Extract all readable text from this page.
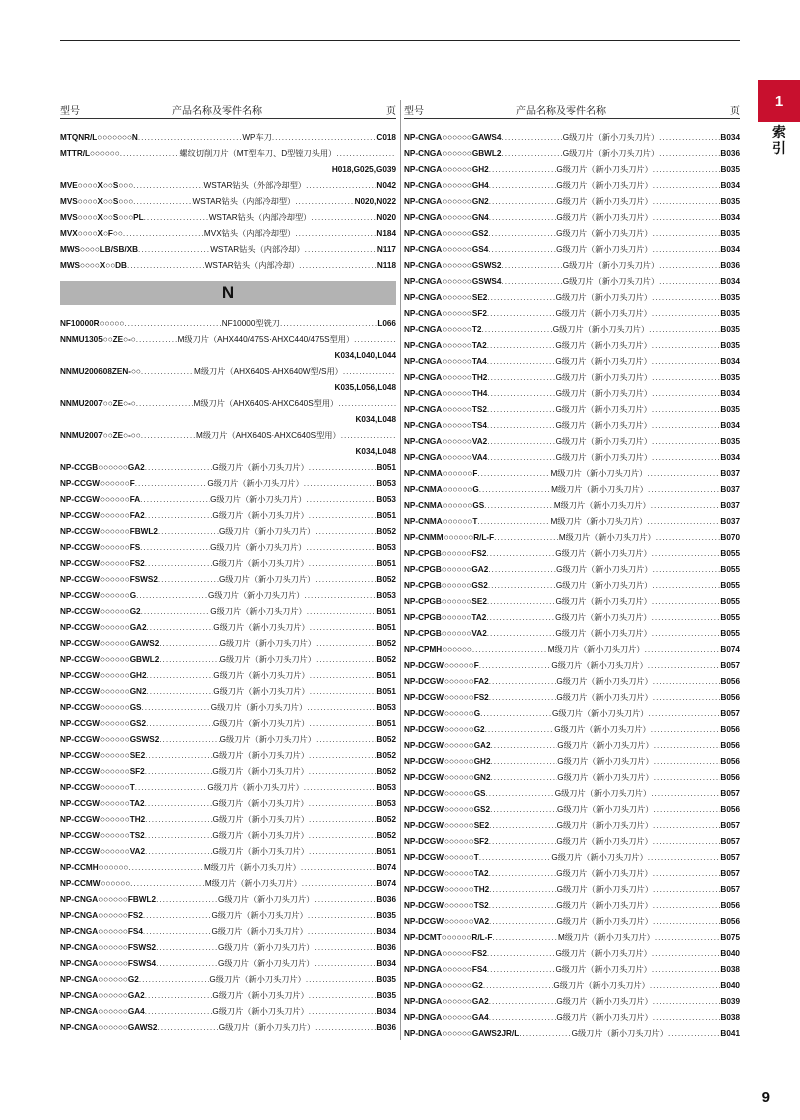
1
索引
型号	产品名称及零件名称	页
MTQNR/L○○○○○○○N .....	WP车刀 .....	C018
MTTR/L○○○○○○ .....	螺纹切削刀片（MT型车刀、D型镗刀头用）
.....
H018,G025,G039
MVE○○○○X○○S○○○ .....	WSTAR钻头（外部冷却型） .....	N042
MVS○○○○X○○S○○○ .....	WSTAR钻头（内部冷却型） .....	N020,N022
MVS○○○○X○○S○○○PL .....	WSTAR钻头（内部冷却型） .....	N020
MVX○○○○X○F○○ .....	MVX钻头（内部冷却型） .....	N184
MWS○○○○LB/SB/XB .....	WSTAR钻头（内部冷却） .....	N117
MWS○○○○X○○DB .....	WSTAR钻头（内部冷却） .....	N118
N
NF10000R○○○○○ .....	NF10000型铣刀 .....	L066
NNMU1305○○ZE○-○ .....	M级刀片（AHX440/475S·AHXC440/475S型用）
.....
K034,L040,L044
NNMU200608ZEN-○○ .....	M级刀片（AHX640S·AHX640W型/S用）
.....
K035,L056,L048
NNMU2007○○ZE○-○ .....	M级刀片（AHX640S·AHXC640S型用）
.....
K034,L048
NNMU2007○○ZE○-○○ .....	M级刀片（AHX640S·AHXC640S型用）
.....
K034,L048
NP-CCGB○○○○○○GA2 .....	G级刀片（新小刀头刀片） .....	B051
NP-CCGW○○○○○○F .....	G级刀片（新小刀头刀片） .....	B053
NP-CCGW○○○○○○FA .....	G级刀片（新小刀头刀片） .....	B053
NP-CCGW○○○○○○FA2 .....	G级刀片（新小刀头刀片） .....	B051
NP-CCGW○○○○○○FBWL2 .....	G级刀片（新小刀头刀片） .....	B052
NP-CCGW○○○○○○FS .....	G级刀片（新小刀头刀片） .....	B053
NP-CCGW○○○○○○FS2 .....	G级刀片（新小刀头刀片） .....	B051
NP-CCGW○○○○○○FSWS2 .....	G级刀片（新小刀头刀片） .....	B052
NP-CCGW○○○○○○G .....	G级刀片（新小刀头刀片） .....	B053
NP-CCGW○○○○○○G2 .....	G级刀片（新小刀头刀片） .....	B051
NP-CCGW○○○○○○GA2 .....	G级刀片（新小刀头刀片） .....	B051
NP-CCGW○○○○○○GAWS2 .....	G级刀片（新小刀头刀片） .....	B052
NP-CCGW○○○○○○GBWL2 .....	G级刀片（新小刀头刀片） .....	B052
NP-CCGW○○○○○○GH2 .....	G级刀片（新小刀头刀片） .....	B051
NP-CCGW○○○○○○GN2 .....	G级刀片（新小刀头刀片） .....	B051
NP-CCGW○○○○○○GS .....	G级刀片（新小刀头刀片） .....	B053
NP-CCGW○○○○○○GS2 .....	G级刀片（新小刀头刀片） .....	B051
NP-CCGW○○○○○○GSWS2 .....	G级刀片（新小刀头刀片） .....	B052
NP-CCGW○○○○○○SE2 .....	G级刀片（新小刀头刀片） .....	B052
NP-CCGW○○○○○○SF2 .....	G级刀片（新小刀头刀片） .....	B052
NP-CCGW○○○○○○T .....	G级刀片（新小刀头刀片） .....	B053
NP-CCGW○○○○○○TA2 .....	G级刀片（新小刀头刀片） .....	B053
NP-CCGW○○○○○○TH2 .....	G级刀片（新小刀头刀片） .....	B052
NP-CCGW○○○○○○TS2 .....	G级刀片（新小刀头刀片） .....	B052
NP-CCGW○○○○○○VA2 .....	G级刀片（新小刀头刀片） .....	B051
NP-CCMH○○○○○○ .....	M级刀片（新小刀头刀片） .....	B074
NP-CCMW○○○○○○ .....	M级刀片（新小刀头刀片） .....	B074
NP-CNGA○○○○○○FBWL2 .....	G级刀片（新小刀头刀片） .....	B036
NP-CNGA○○○○○○FS2 .....	G级刀片（新小刀头刀片） .....	B035
NP-CNGA○○○○○○FS4 .....	G级刀片（新小刀头刀片） .....	B034
NP-CNGA○○○○○○FSWS2 .....	G级刀片（新小刀头刀片） .....	B036
NP-CNGA○○○○○○FSWS4 .....	G级刀片（新小刀头刀片） .....	B034
NP-CNGA○○○○○○G2 .....	G级刀片（新小刀头刀片） .....	B035
NP-CNGA○○○○○○GA2 .....	G级刀片（新小刀头刀片） .....	B035
NP-CNGA○○○○○○GA4 .....	G级刀片（新小刀头刀片） .....	B034
NP-CNGA○○○○○○GAWS2 .....	G级刀片（新小刀头刀片） .....	B036
型号	产品名称及零件名称	页
NP-CNGA○○○○○○GAWS4 .....	G级刀片（新小刀头刀片） .....	B034
NP-CNGA○○○○○○GBWL2 .....	G级刀片（新小刀头刀片） .....	B036
NP-CNGA○○○○○○GH2 .....	G级刀片（新小刀头刀片） .....	B035
NP-CNGA○○○○○○GH4 .....	G级刀片（新小刀头刀片） .....	B034
NP-CNGA○○○○○○GN2 .....	G级刀片（新小刀头刀片） .....	B035
NP-CNGA○○○○○○GN4 .....	G级刀片（新小刀头刀片） .....	B034
NP-CNGA○○○○○○GS2 .....	G级刀片（新小刀头刀片） .....	B035
NP-CNGA○○○○○○GS4 .....	G级刀片（新小刀头刀片） .....	B034
NP-CNGA○○○○○○GSWS2 .....	G级刀片（新小刀头刀片） .....	B036
NP-CNGA○○○○○○GSWS4 .....	G级刀片（新小刀头刀片） .....	B034
NP-CNGA○○○○○○SE2 .....	G级刀片（新小刀头刀片） .....	B035
NP-CNGA○○○○○○SF2 .....	G级刀片（新小刀头刀片） .....	B035
NP-CNGA○○○○○○T2 .....	G级刀片（新小刀头刀片） .....	B035
NP-CNGA○○○○○○TA2 .....	G级刀片（新小刀头刀片） .....	B035
NP-CNGA○○○○○○TA4 .....	G级刀片（新小刀头刀片） .....	B034
NP-CNGA○○○○○○TH2 .....	G级刀片（新小刀头刀片） .....	B035
NP-CNGA○○○○○○TH4 .....	G级刀片（新小刀头刀片） .....	B034
NP-CNGA○○○○○○TS2 .....	G级刀片（新小刀头刀片） .....	B035
NP-CNGA○○○○○○TS4 .....	G级刀片（新小刀头刀片） .....	B034
NP-CNGA○○○○○○VA2 .....	G级刀片（新小刀头刀片） .....	B035
NP-CNGA○○○○○○VA4 .....	G级刀片（新小刀头刀片） .....	B034
NP-CNMA○○○○○○F .....	M级刀片（新小刀头刀片） .....	B037
NP-CNMA○○○○○○G .....	M级刀片（新小刀头刀片） .....	B037
NP-CNMA○○○○○○GS .....	M级刀片（新小刀头刀片） .....	B037
NP-CNMA○○○○○○T .....	M级刀片（新小刀头刀片） .....	B037
NP-CNMM○○○○○○R/L-F .....	M级刀片（新小刀头刀片） .....	B070
NP-CPGB○○○○○○FS2 .....	G级刀片（新小刀头刀片） .....	B055
NP-CPGB○○○○○○GA2 .....	G级刀片（新小刀头刀片） .....	B055
NP-CPGB○○○○○○GS2 .....	G级刀片（新小刀头刀片） .....	B055
NP-CPGB○○○○○○SE2 .....	G级刀片（新小刀头刀片） .....	B055
NP-CPGB○○○○○○TA2 .....	G级刀片（新小刀头刀片） .....	B055
NP-CPGB○○○○○○VA2 .....	G级刀片（新小刀头刀片） .....	B055
NP-CPMH○○○○○○ .....	M级刀片（新小刀头刀片） .....	B074
NP-DCGW○○○○○○F .....	G级刀片（新小刀头刀片） .....	B057
NP-DCGW○○○○○○FA2 .....	G级刀片（新小刀头刀片） .....	B056
NP-DCGW○○○○○○FS2 .....	G级刀片（新小刀头刀片） .....	B056
NP-DCGW○○○○○○G .....	G级刀片（新小刀头刀片） .....	B057
NP-DCGW○○○○○○G2 .....	G级刀片（新小刀头刀片） .....	B056
NP-DCGW○○○○○○GA2 .....	G级刀片（新小刀头刀片） .....	B056
NP-DCGW○○○○○○GH2 .....	G级刀片（新小刀头刀片） .....	B056
NP-DCGW○○○○○○GN2 .....	G级刀片（新小刀头刀片） .....	B056
NP-DCGW○○○○○○GS .....	G级刀片（新小刀头刀片） .....	B057
NP-DCGW○○○○○○GS2 .....	G级刀片（新小刀头刀片） .....	B056
NP-DCGW○○○○○○SE2 .....	G级刀片（新小刀头刀片） .....	B057
NP-DCGW○○○○○○SF2 .....	G级刀片（新小刀头刀片） .....	B057
NP-DCGW○○○○○○T .....	G级刀片（新小刀头刀片） .....	B057
NP-DCGW○○○○○○TA2 .....	G级刀片（新小刀头刀片） .....	B057
NP-DCGW○○○○○○TH2 .....	G级刀片（新小刀头刀片） .....	B057
NP-DCGW○○○○○○TS2 .....	G级刀片（新小刀头刀片） .....	B056
NP-DCGW○○○○○○VA2 .....	G级刀片（新小刀头刀片） .....	B056
NP-DCMT○○○○○○R/L-F .....	M级刀片（新小刀头刀片） .....	B075
NP-DNGA○○○○○○FS2 .....	G级刀片（新小刀头刀片） .....	B040
NP-DNGA○○○○○○FS4 .....	G级刀片（新小刀头刀片） .....	B038
NP-DNGA○○○○○○G2 .....	G级刀片（新小刀头刀片） .....	B040
NP-DNGA○○○○○○GA2 .....	G级刀片（新小刀头刀片） .....	B039
NP-DNGA○○○○○○GA4 .....	G级刀片（新小刀头刀片） .....	B038
NP-DNGA○○○○○○GAWS2JR/L .....	G级刀片（新小刀头刀片） .....	B041
9
